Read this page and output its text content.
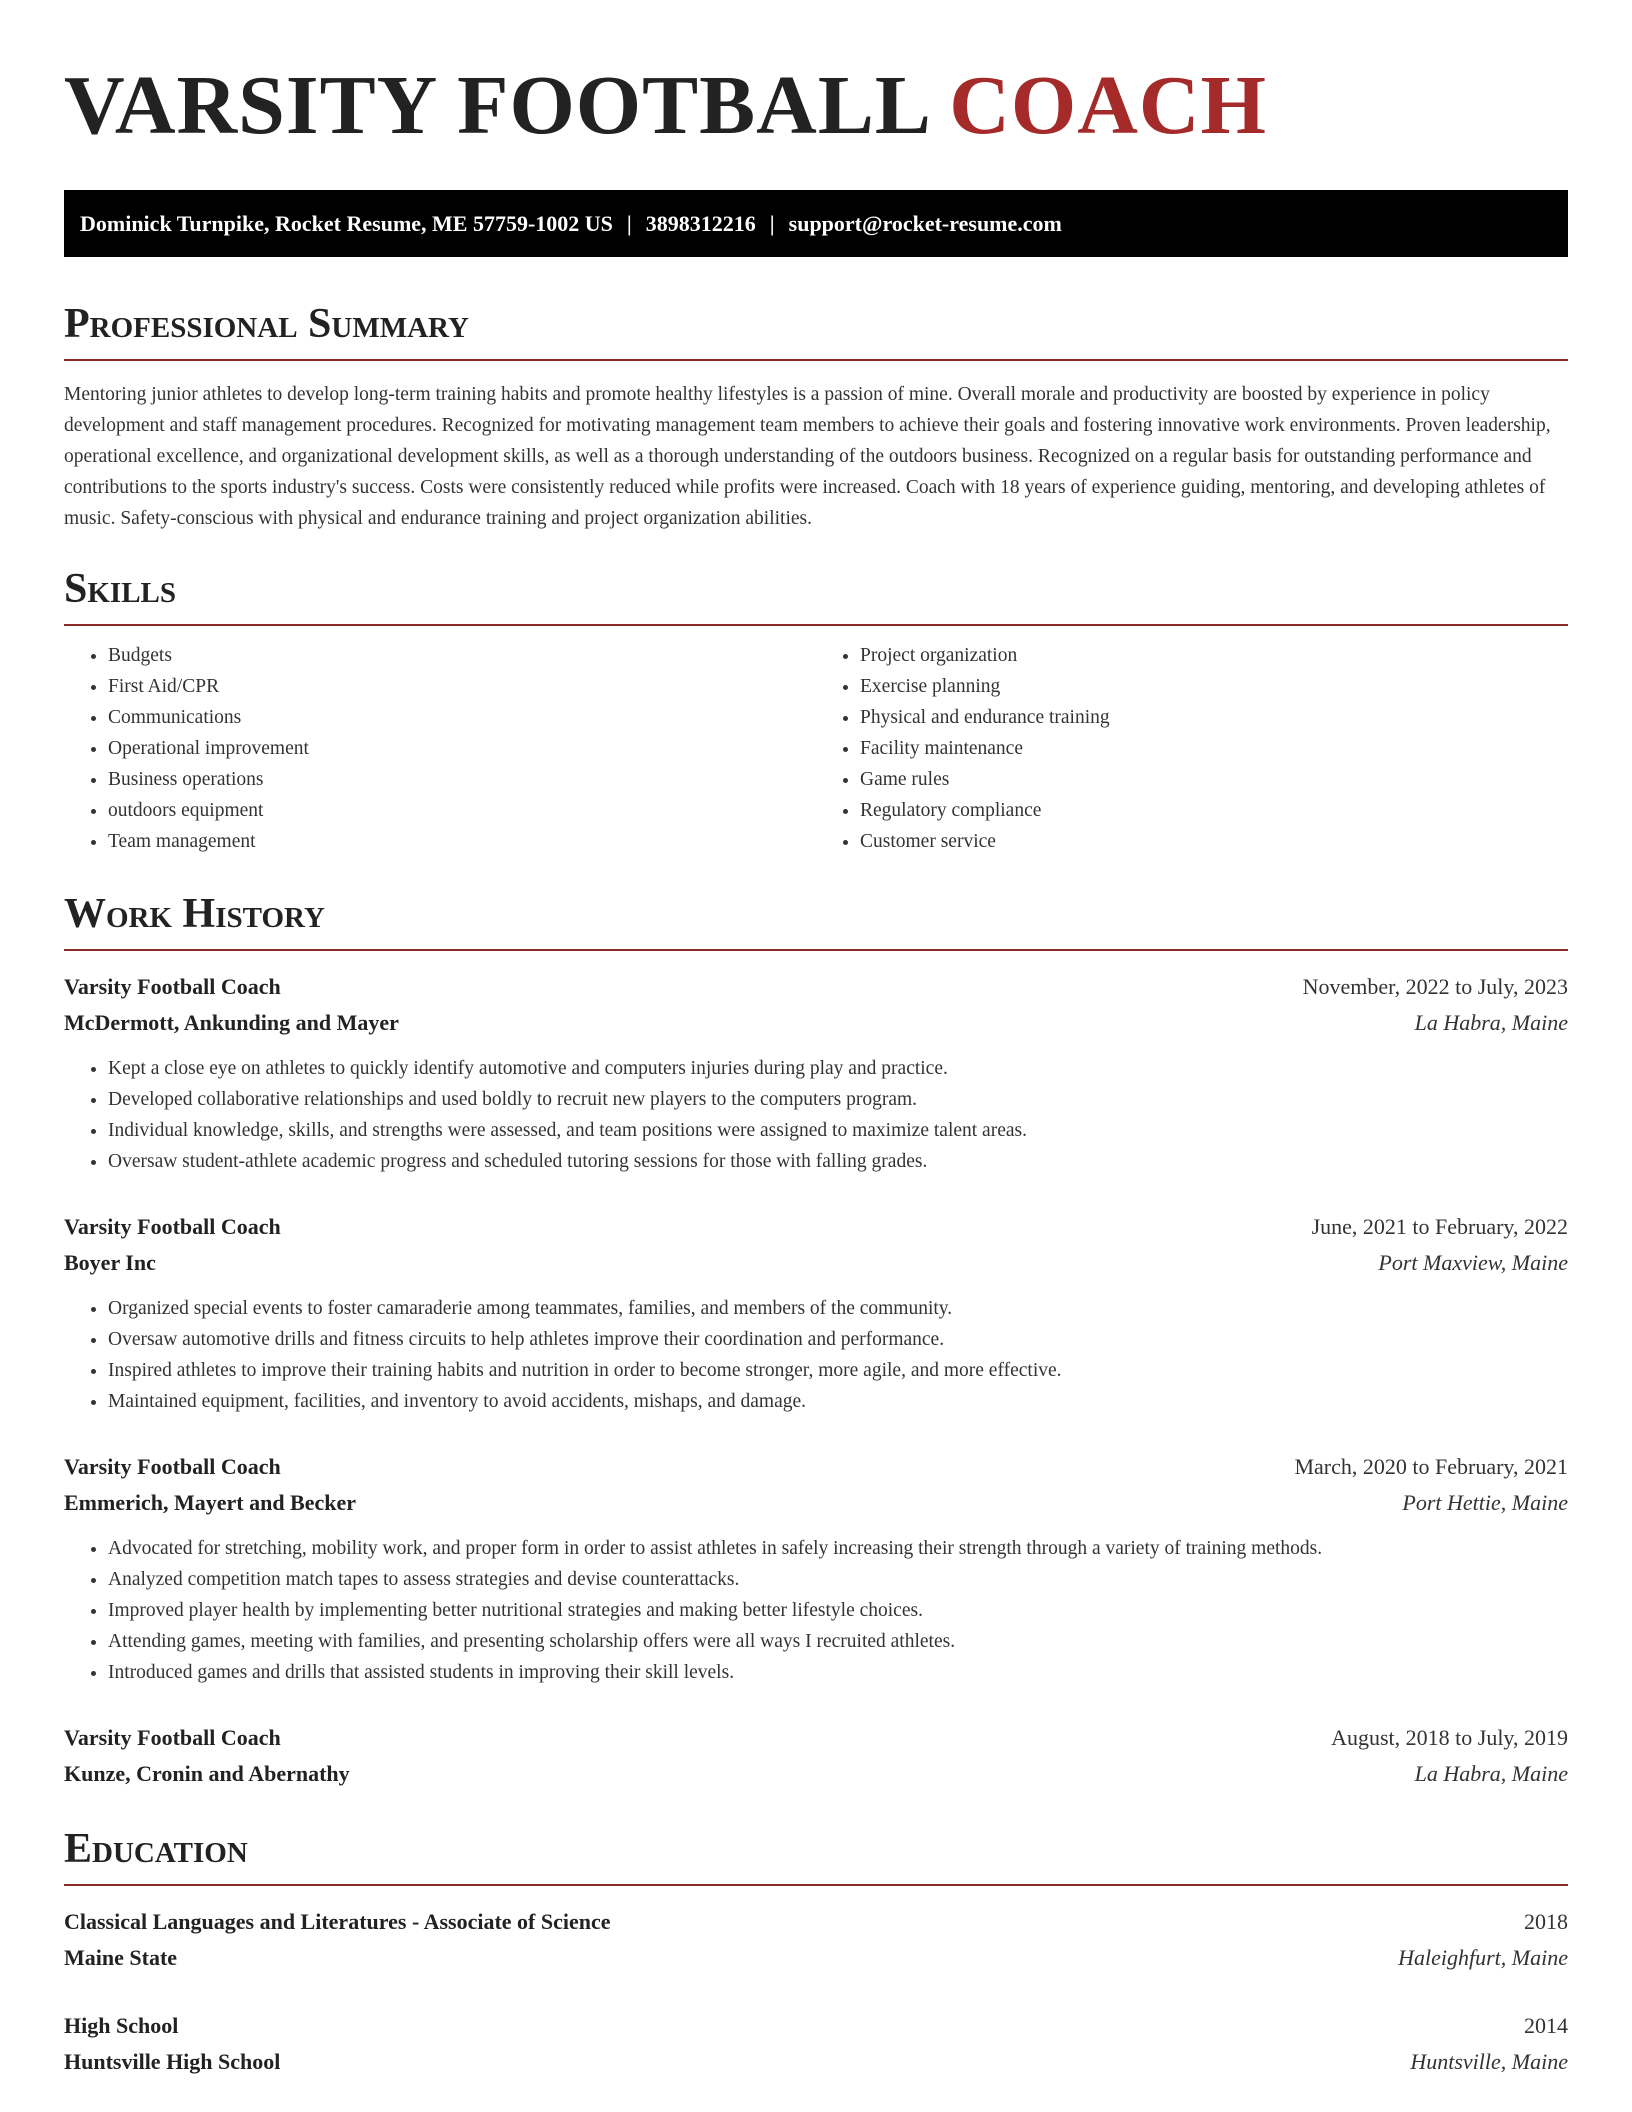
VARSITY FOOTBALL COACH
Dominick Turnpike, Rocket Resume, ME 57759-1002 US | 3898312216 | support@rocket-resume.com
Professional Summary

Mentoring junior athletes to develop long-term training habits and promote healthy lifestyles is a passion of mine. Overall morale and productivity are boosted by experience in policy development and staff management procedures. Recognized for motivating management team members to achieve their goals and fostering innovative work environments. Proven leadership, operational excellence, and organizational development skills, as well as a thorough understanding of the outdoors business. Recognized on a regular basis for outstanding performance and contributions to the sports industry's success. Costs were consistently reduced while profits were increased. Coach with 18 years of experience guiding, mentoring, and developing athletes of music. Safety-conscious with physical and endurance training and project organization abilities.

Skills
• Budgets
• First Aid/CPR
• Communications
• Operational improvement
• Business operations
• outdoors equipment
• Team management
• Project organization
• Exercise planning
• Physical and endurance training
• Facility maintenance
• Game rules
• Regulatory compliance
• Customer service
Work History
Varsity Football Coach	November, 2022 to July, 2023
McDermott, Ankunding and Mayer	La Habra, Maine
• Kept a close eye on athletes to quickly identify automotive and computers injuries during play and practice.
• Developed collaborative relationships and used boldly to recruit new players to the computers program.
• Individual knowledge, skills, and strengths were assessed, and team positions were assigned to maximize talent areas.
• Oversaw student-athlete academic progress and scheduled tutoring sessions for those with falling grades.
Varsity Football Coach	June, 2021 to February, 2022
Boyer Inc	Port Maxview, Maine
• Organized special events to foster camaraderie among teammates, families, and members of the community.
• Oversaw automotive drills and fitness circuits to help athletes improve their coordination and performance.
• Inspired athletes to improve their training habits and nutrition in order to become stronger, more agile, and more effective.
• Maintained equipment, facilities, and inventory to avoid accidents, mishaps, and damage.
Varsity Football Coach	March, 2020 to February, 2021
Emmerich, Mayert and Becker	Port Hettie, Maine
• Advocated for stretching, mobility work, and proper form in order to assist athletes in safely increasing their strength through a variety of training methods.
• Analyzed competition match tapes to assess strategies and devise counterattacks.
• Improved player health by implementing better nutritional strategies and making better lifestyle choices.
• Attending games, meeting with families, and presenting scholarship offers were all ways I recruited athletes.
• Introduced games and drills that assisted students in improving their skill levels.
Varsity Football Coach	August, 2018 to July, 2019
Kunze, Cronin and Abernathy	La Habra, Maine
Education
Classical Languages and Literatures - Associate of Science	2018
Maine State	Haleighfurt, Maine
High School	2014
Huntsville High School	Huntsville, Maine
